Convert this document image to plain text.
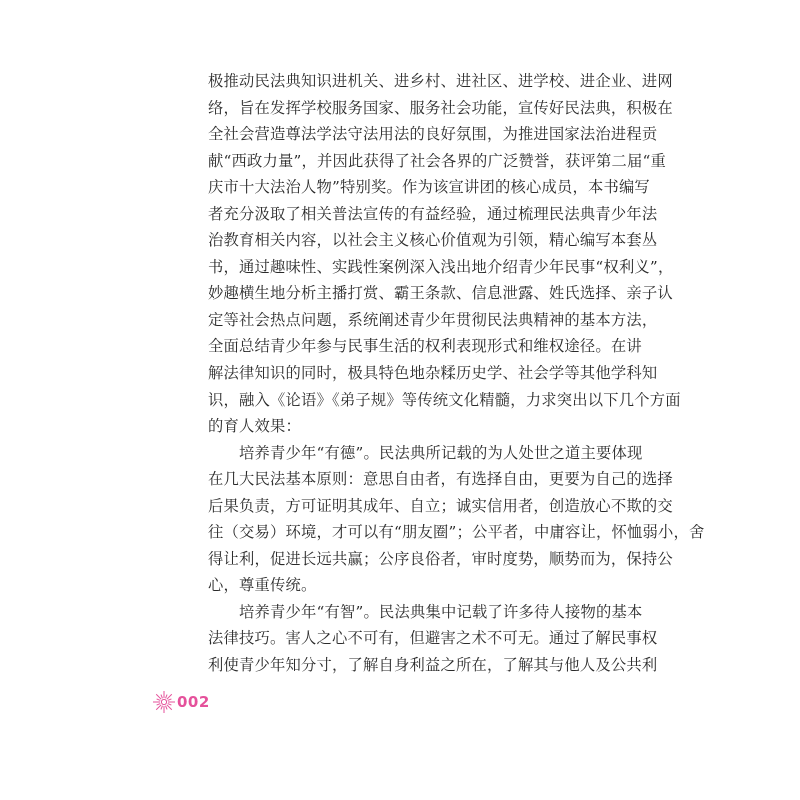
极推动民法典知识进机关、进乡村、进社区、进学校、进企业、进网
络，旨在发挥学校服务国家、服务社会功能，宣传好民法典，积极在
全社会营造尊法学法守法用法的良好氛围，为推进国家法治进程贡
献“西政力量”，并因此获得了社会各界的广泛赞誉，获评第二届“重
庆市十大法治人物”特别奖。作为该宣讲团的核心成员，本书编写
者充分汲取了相关普法宣传的有益经验，通过梳理民法典青少年法
治教育相关内容，以社会主义核心价值观为引领，精心编写本套丛
书，通过趣味性、实践性案例深入浅出地介绍青少年民事“权利义”，
妙趣横生地分析主播打赏、霸王条款、信息泄露、姓氏选择、亲子认
定等社会热点问题，系统阐述青少年贯彻民法典精神的基本方法，
全面总结青少年参与民事生活的权利表现形式和维权途径。在讲
解法律知识的同时，极具特色地杂糅历史学、社会学等其他学科知
识，融入《论语》《弟子规》等传统文化精髓，力求突出以下几个方面
的育人效果：
　　培养青少年“有德”。民法典所记载的为人处世之道主要体现
在几大民法基本原则：意思自由者，有选择自由，更要为自己的选择
后果负责，方可证明其成年、自立；诚实信用者，创造放心不欺的交
往（交易）环境，才可以有“朋友圈”；公平者，中庸容让，怀恤弱小，舍
得让利，促进长远共赢；公序良俗者，审时度势，顺势而为，保持公
心，尊重传统。
　　培养青少年“有智”。民法典集中记载了许多待人接物的基本
法律技巧。害人之心不可有，但避害之术不可无。通过了解民事权
利使青少年知分寸，了解自身利益之所在，了解其与他人及公共利
002
